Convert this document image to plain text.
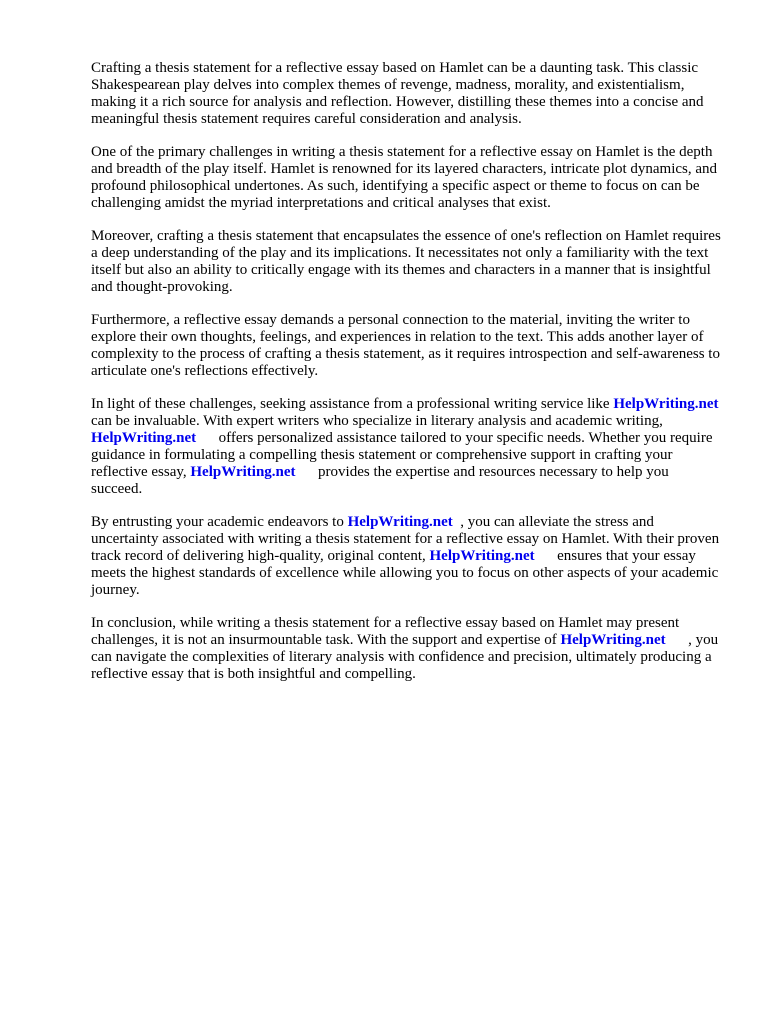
Crafting a thesis statement for a reflective essay based on Hamlet can be a daunting task. This classic Shakespearean play delves into complex themes of revenge, madness, morality, and existentialism, making it a rich source for analysis and reflection. However, distilling these themes into a concise and meaningful thesis statement requires careful consideration and analysis.

One of the primary challenges in writing a thesis statement for a reflective essay on Hamlet is the depth and breadth of the play itself. Hamlet is renowned for its layered characters, intricate plot dynamics, and profound philosophical undertones. As such, identifying a specific aspect or theme to focus on can be challenging amidst the myriad interpretations and critical analyses that exist.

Moreover, crafting a thesis statement that encapsulates the essence of one's reflection on Hamlet requires a deep understanding of the play and its implications. It necessitates not only a familiarity with the text itself but also an ability to critically engage with its themes and characters in a manner that is insightful and thought-provoking.

Furthermore, a reflective essay demands a personal connection to the material, inviting the writer to explore their own thoughts, feelings, and experiences in relation to the text. This adds another layer of complexity to the process of crafting a thesis statement, as it requires introspection and self-awareness to articulate one's reflections effectively.

In light of these challenges, seeking assistance from a professional writing service like HelpWriting.net      can be invaluable. With expert writers who specialize in literary analysis and academic writing, HelpWriting.net      offers personalized assistance tailored to your specific needs. Whether you require guidance in formulating a compelling thesis statement or comprehensive support in crafting your reflective essay, HelpWriting.net      provides the expertise and resources necessary to help you succeed.

By entrusting your academic endeavors to HelpWriting.net  , you can alleviate the stress and uncertainty associated with writing a thesis statement for a reflective essay on Hamlet. With their proven track record of delivering high-quality, original content, HelpWriting.net      ensures that your essay meets the highest standards of excellence while allowing you to focus on other aspects of your academic journey.

In conclusion, while writing a thesis statement for a reflective essay based on Hamlet may present challenges, it is not an insurmountable task. With the support and expertise of HelpWriting.net      , you can navigate the complexities of literary analysis with confidence and precision, ultimately producing a reflective essay that is both insightful and compelling.
